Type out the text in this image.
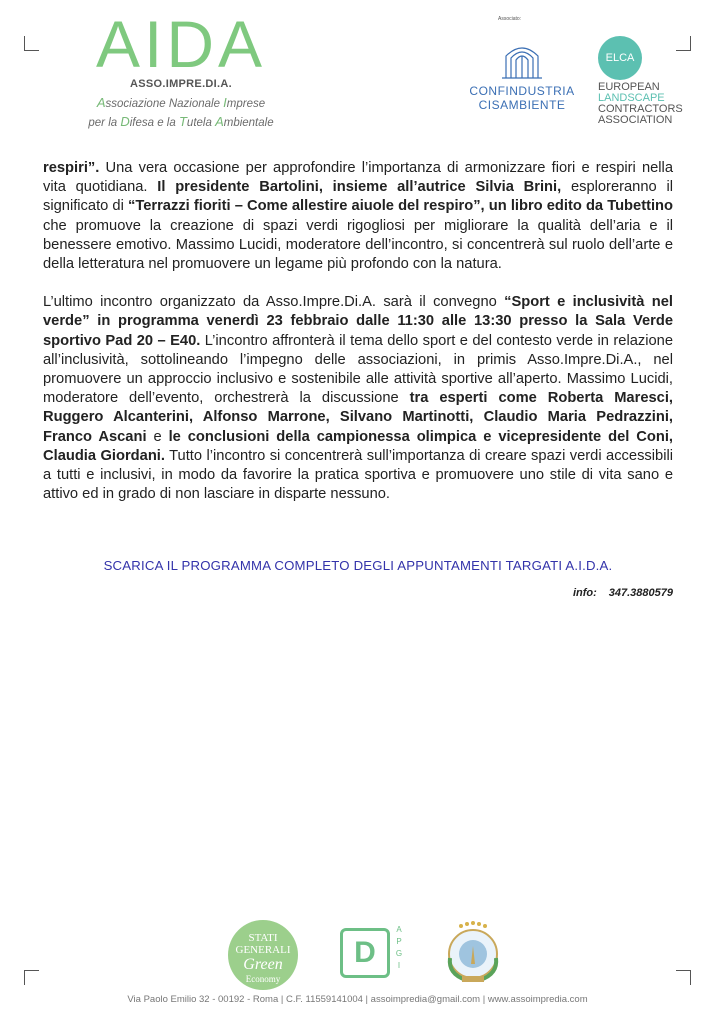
AIDA
ASSO.IMPRE.DI.A.
Associazione Nazionale Imprese
per la Difesa e la Tutela Ambientale
Associato:
CONFINDUSTRIA
CISAMBIENTE
ELCA
EUROPEAN
LANDSCAPE
CONTRACTORS
ASSOCIATION

respiri”. Una vera occasione per approfondire l’importanza di armonizzare fiori e respiri nella vita quotidiana. Il presidente Bartolini, insieme all’autrice Silvia Brini, esploreranno il significato di “Terrazzi fioriti – Come allestire aiuole del respiro”, un libro edito da Tubettino che promuove la creazione di spazi verdi rigogliosi per migliorare la qualità dell’aria e il benessere emotivo. Massimo Lucidi, moderatore dell’incontro, si concentrerà sul ruolo dell’arte e della letteratura nel promuovere un legame più profondo con la natura.

L’ultimo incontro organizzato da Asso.Impre.Di.A. sarà il convegno “Sport e inclusività nel verde” in programma venerdì 23 febbraio dalle 11:30 alle 13:30 presso la Sala Verde sportivo Pad 20 – E40. L’incontro affronterà il tema dello sport e del contesto verde in relazione all’inclusività, sottolineando l’impegno delle associazioni, in primis Asso.Impre.Di.A., nel promuovere un approccio inclusivo e sostenibile alle attività sportive all’aperto. Massimo Lucidi, moderatore dell’evento, orchestrerà la discussione tra esperti come Roberta Maresci, Ruggero Alcanterini, Alfonso Marrone, Silvano Martinotti, Claudio Maria Pedrazzini, Franco Ascani e le conclusioni della campionessa olimpica e vicepresidente del Coni, Claudia Giordani. Tutto l’incontro si concentrerà sull’importanza di creare spazi verdi accessibili a tutti e inclusivi, in modo da favorire la pratica sportiva e promuovere uno stile di vita sano e attivo ed in grado di non lasciare in disparte nessuno.

SCARICA IL PROGRAMMA COMPLETO DEGLI APPUNTAMENTI TARGATI A.I.D.A.
info: 347.3880579
STATI GENERALI
Green
Economy
D
A
P
G
I
Via Paolo Emilio 32 - 00192 - Roma | C.F. 11559141004 | assoimpredia@gmail.com | www.assoimpredia.com
